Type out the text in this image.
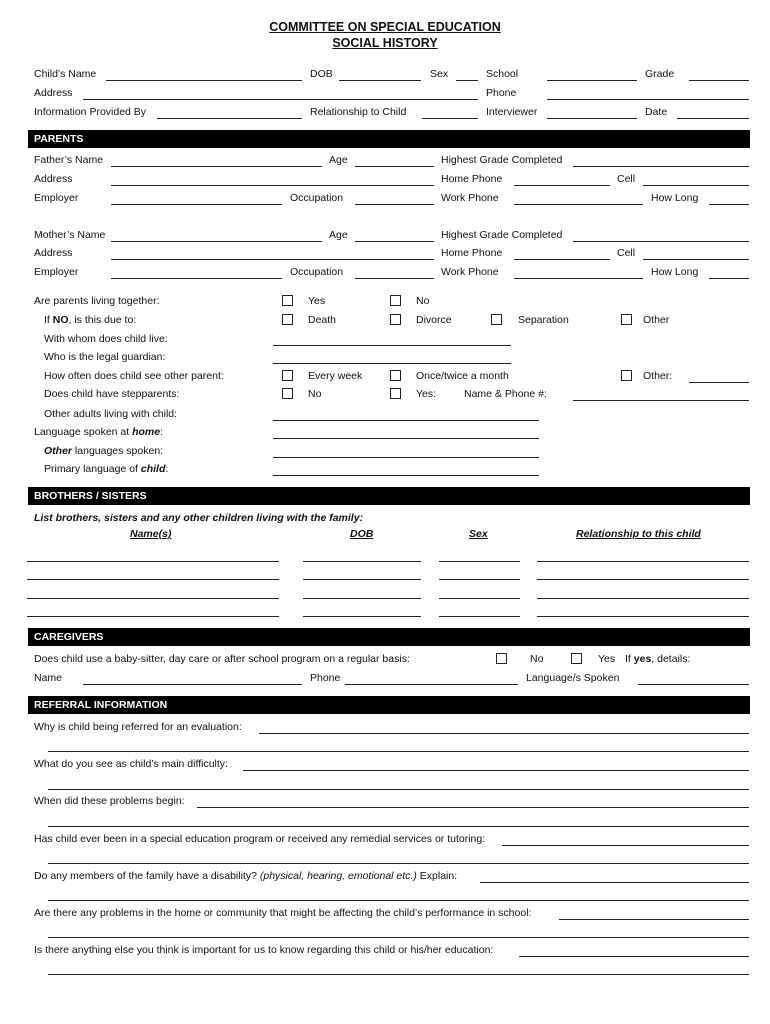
COMMITTEE ON SPECIAL EDUCATION
SOCIAL HISTORY
Child’s Name	DOB	Sex	School	Grade
Address	Phone
Information Provided By	Relationship to Child	Interviewer	Date
PARENTS
Father’s Name	Age	Highest Grade Completed
Address	Home Phone	Cell
Employer	Occupation	Work Phone	How Long
Mother’s Name	Age	Highest Grade Completed
Address	Home Phone	Cell
Employer	Occupation	Work Phone	How Long
Are parents living together:	Yes	No
If NO, is this due to:	Death	Divorce	Separation	Other
With whom does child live:
Who is the legal guardian:
How often does child see other parent:	Every week	Once/twice a month	Other:
Does child have stepparents:	No	Yes:	Name & Phone #:
Other adults living with child:
Language spoken at home:
Other languages spoken:
Primary language of child:
BROTHERS / SISTERS
List brothers, sisters and any other children living with the family:
Name(s)	DOB	Sex	Relationship to this child
CAREGIVERS
Does child use a baby-sitter, day care or after school program on a regular basis:	No	Yes If yes, details:
Name	Phone	Language/s Spoken
REFERRAL INFORMATION
Why is child being referred for an evaluation:
What do you see as child’s main difficulty:
When did these problems begin:
Has child ever been in a special education program or received any remedial services or tutoring:
Do any members of the family have a disability? (physical, hearing, emotional etc.) Explain:
Are there any problems in the home or community that might be affecting the child’s performance in school:
Is there anything else you think is important for us to know regarding this child or his/her education:
